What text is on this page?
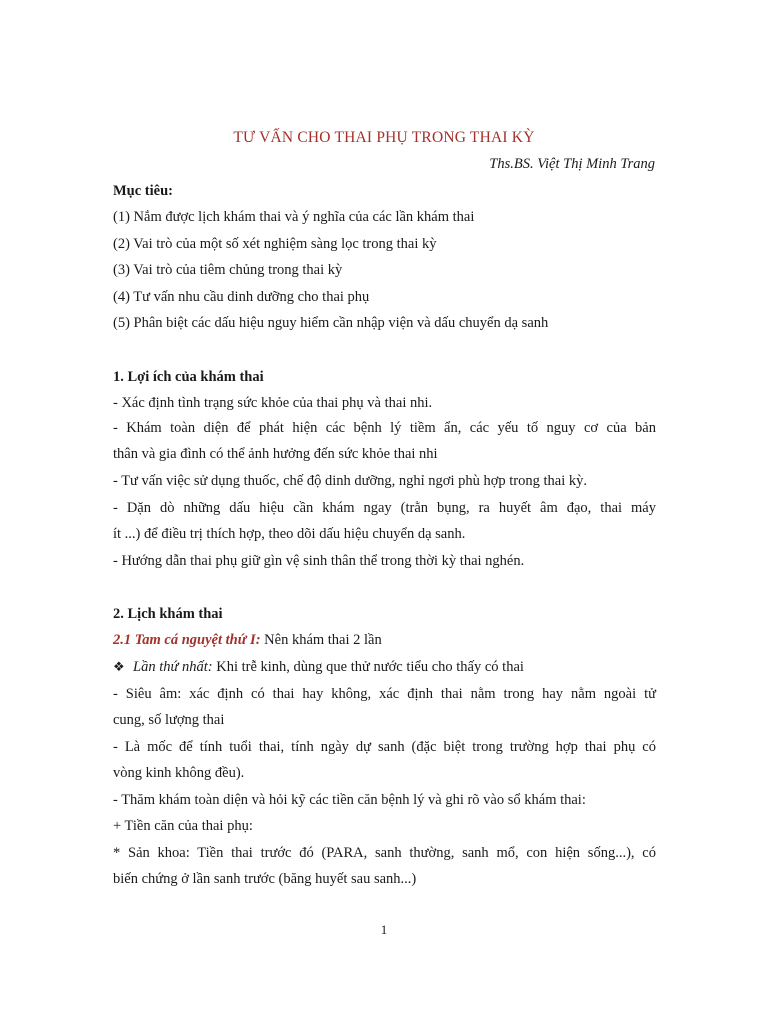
TƯ VẤN CHO THAI PHỤ TRONG THAI KỲ
Ths.BS. Việt Thị Minh Trang
Mục tiêu:
(1) Nắm được lịch khám thai và ý nghĩa của các lần khám thai
(2) Vai trò của một số xét nghiệm sàng lọc trong thai kỳ
(3) Vai trò của tiêm chủng trong thai kỳ
(4) Tư vấn nhu cầu dinh dưỡng cho thai phụ
(5) Phân biệt các dấu hiệu nguy hiểm cần nhập viện và dấu chuyển dạ sanh
1. Lợi ích của khám thai
- Xác định tình trạng sức khỏe của thai phụ và thai nhi.
- Khám toàn diện để phát hiện các bệnh lý tiềm ẩn, các yếu tố nguy cơ của bản
thân và gia đình có thể ảnh hưởng đến sức khỏe thai nhi
- Tư vấn việc sử dụng thuốc, chế độ dinh dưỡng, nghỉ ngơi phù hợp trong thai kỳ.
- Dặn dò những dấu hiệu cần khám ngay (trằn bụng, ra huyết âm đạo, thai máy
ít ...) để điều trị thích hợp, theo dõi dấu hiệu chuyển dạ sanh.
- Hướng dẫn thai phụ giữ gìn vệ sinh thân thể trong thời kỳ thai nghén.
2. Lịch khám thai
2.1 Tam cá nguyệt thứ I: Nên khám thai 2 lần
❖ Lần thứ nhất: Khi trễ kinh, dùng que thử nước tiểu cho thấy có thai
- Siêu âm: xác định có thai hay không, xác định thai nằm trong hay nằm ngoài tử
cung, số lượng thai
- Là mốc để tính tuổi thai, tính ngày dự sanh (đặc biệt trong trường hợp thai phụ có
vòng kinh không đều).
- Thăm khám toàn diện và hỏi kỹ các tiền căn bệnh lý và ghi rõ vào sổ khám thai:
+ Tiền căn của thai phụ:
* Sản khoa: Tiền thai trước đó (PARA, sanh thường, sanh mổ, con hiện sống...), có
biến chứng ở lần sanh trước (băng huyết sau sanh...)
1
